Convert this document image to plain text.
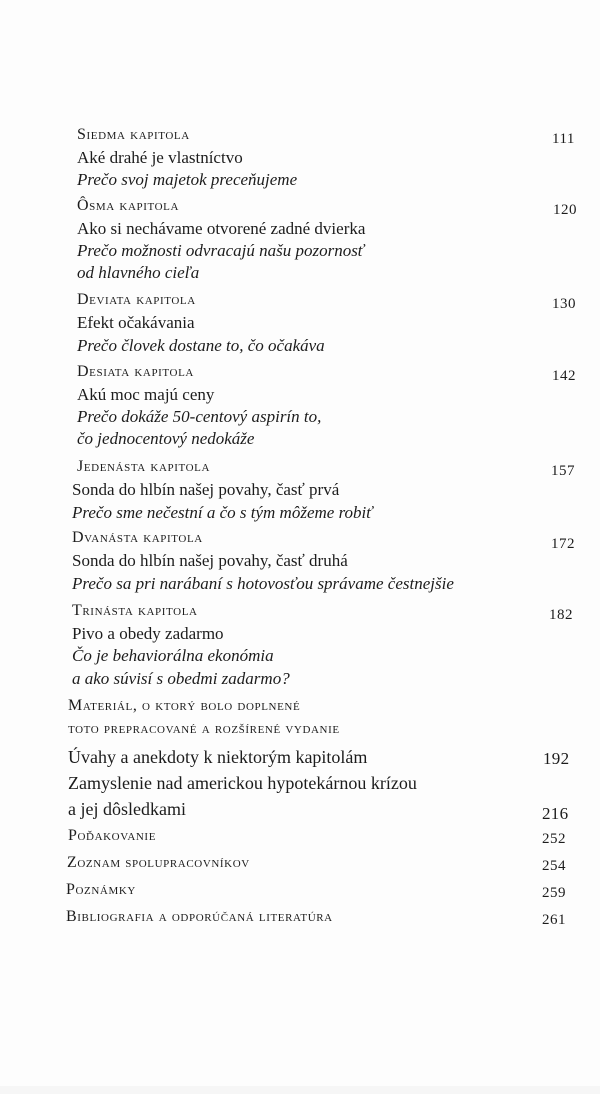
Siedma kapitola	111
Aké drahé je vlastníctvo
Prečo svoj majetok preceňujeme
Ôsma kapitola	120
Ako si nechávame otvorené zadné dvierka
Prečo možnosti odvracajú našu pozornosť
od hlavného cieľa
Deviata kapitola	130
Efekt očakávania
Prečo človek dostane to, čo očakáva
Desiata kapitola	142
Akú moc majú ceny
Prečo dokáže 50-centový aspirín to,
čo jednocentový nedokáže
Jedenásta kapitola	157
Sonda do hlbín našej povahy, časť prvá
Prečo sme nečestní a čo s tým môžeme robiť
Dvanásta kapitola	172
Sonda do hlbín našej povahy, časť druhá
Prečo sa pri narábaní s hotovosťou správame čestnejšie
Trinásta kapitola	182
Pivo a obedy zadarmo
Čo je behaviorálna ekonómia
a ako súvisí s obedmi zadarmo?
Materiál, o ktorý bolo doplnené
toto prepracované a rozšírené vydanie
Úvahy a anekdoty k niektorým kapitolám	192
Zamyslenie nad americkou hypotekárnou krízou
a jej dôsledkami	216
Poďakovanie	252
Zoznam spolupracovníkov	254
Poznámky	259
Bibliografia a odporúčaná literatúra	261
